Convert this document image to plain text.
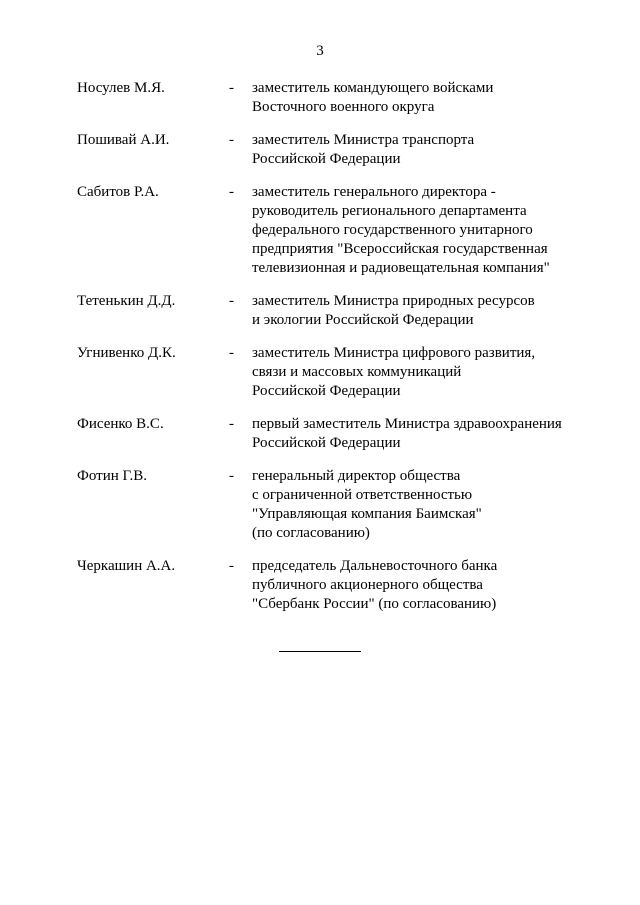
3
Носулев М.Я.	- заместитель командующего войсками
Восточного военного округа
Пошивай А.И.	- заместитель Министра транспорта
Российской Федерации
Сабитов Р.А.	- заместитель генерального директора -
руководитель регионального департамента
федерального государственного унитарного
предприятия "Всероссийская государственная
телевизионная и радиовещательная компания"
Тетенькин Д.Д.	- заместитель Министра природных ресурсов
и экологии Российской Федерации
Угнивенко Д.К.	- заместитель Министра цифрового развития,
связи и массовых коммуникаций
Российской Федерации
Фисенко В.С.	- первый заместитель Министра здравоохранения
Российской Федерации
Фотин Г.В.	- генеральный директор общества
с ограниченной ответственностью
"Управляющая компания Баимская"
(по согласованию)
Черкашин А.А.	- председатель Дальневосточного банка
публичного акционерного общества
"Сбербанк России" (по согласованию)
